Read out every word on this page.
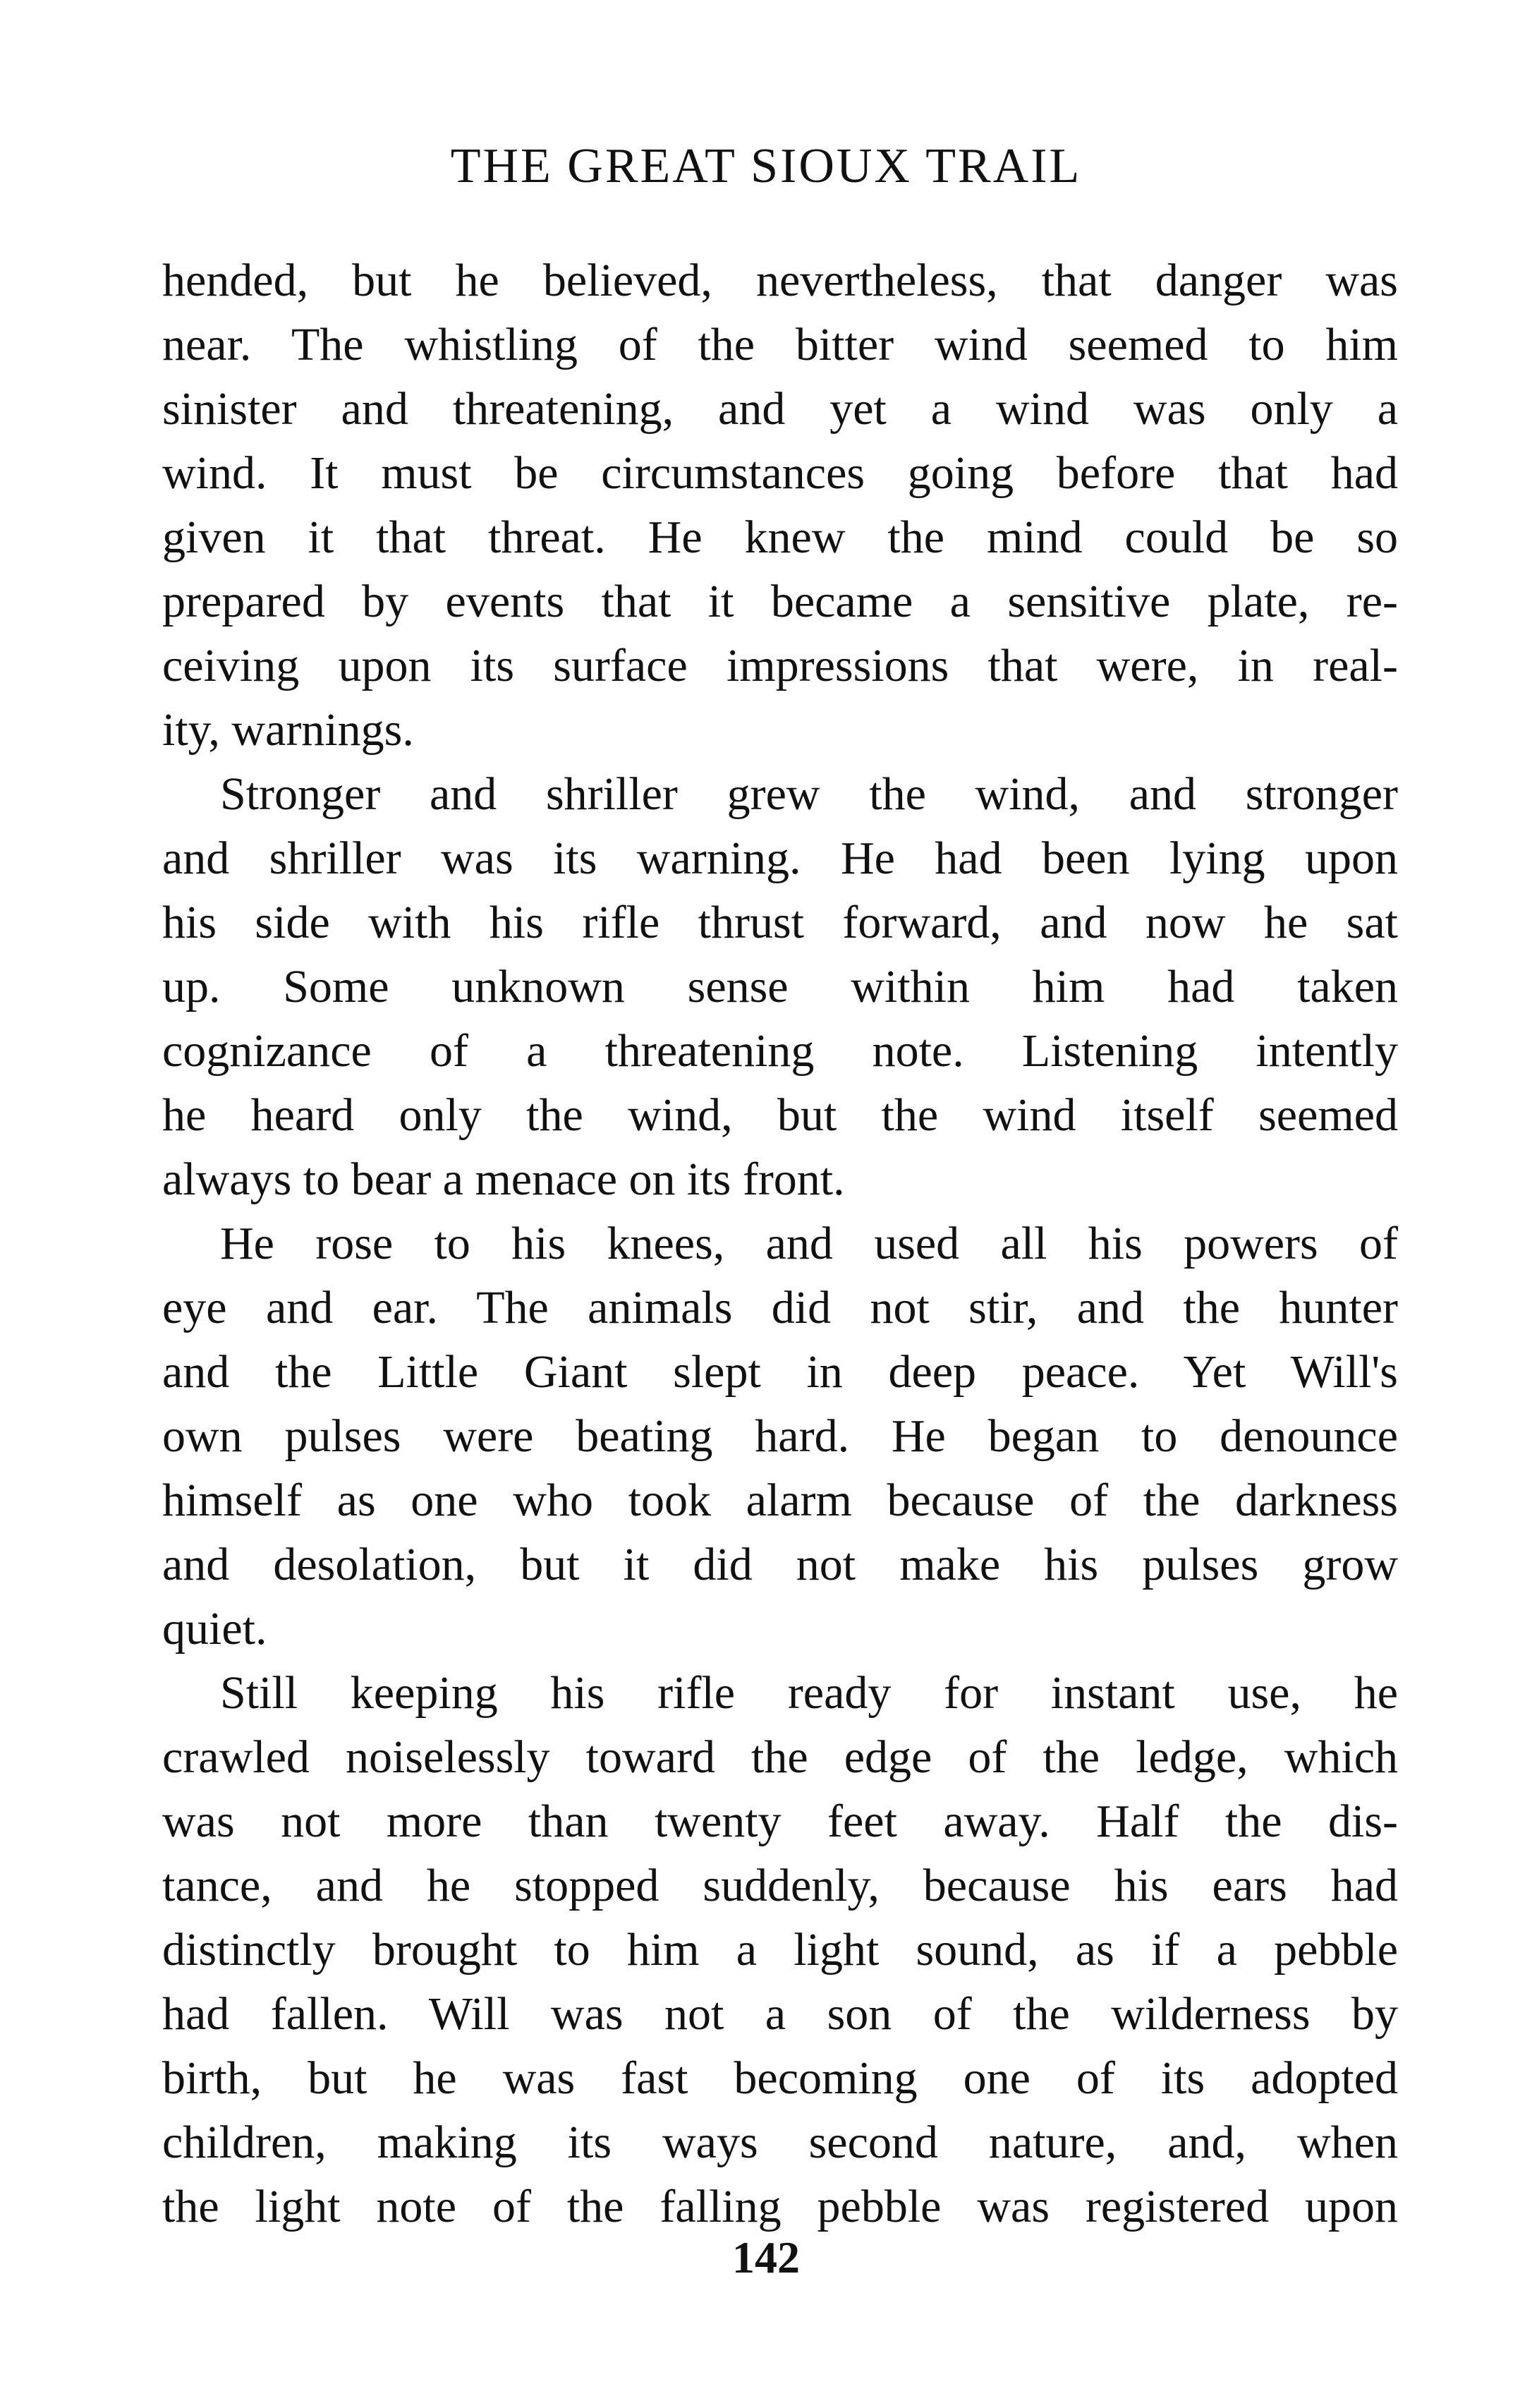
THE GREAT SIOUX TRAIL
hended, but he believed, nevertheless, that danger was
near. The whistling of the bitter wind seemed to him
sinister and threatening, and yet a wind was only a
wind. It must be circumstances going before that had
given it that threat. He knew the mind could be so
prepared by events that it became a sensitive plate, re-
ceiving upon its surface impressions that were, in real-
ity, warnings.
Stronger and shriller grew the wind, and stronger
and shriller was its warning. He had been lying upon
his side with his rifle thrust forward, and now he sat
up. Some unknown sense within him had taken
cognizance of a threatening note. Listening intently
he heard only the wind, but the wind itself seemed
always to bear a menace on its front.
He rose to his knees, and used all his powers of
eye and ear. The animals did not stir, and the hunter
and the Little Giant slept in deep peace. Yet Will's
own pulses were beating hard. He began to denounce
himself as one who took alarm because of the darkness
and desolation, but it did not make his pulses grow
quiet.
Still keeping his rifle ready for instant use, he
crawled noiselessly toward the edge of the ledge, which
was not more than twenty feet away. Half the dis-
tance, and he stopped suddenly, because his ears had
distinctly brought to him a light sound, as if a pebble
had fallen. Will was not a son of the wilderness by
birth, but he was fast becoming one of its adopted
children, making its ways second nature, and, when
the light note of the falling pebble was registered upon
142
